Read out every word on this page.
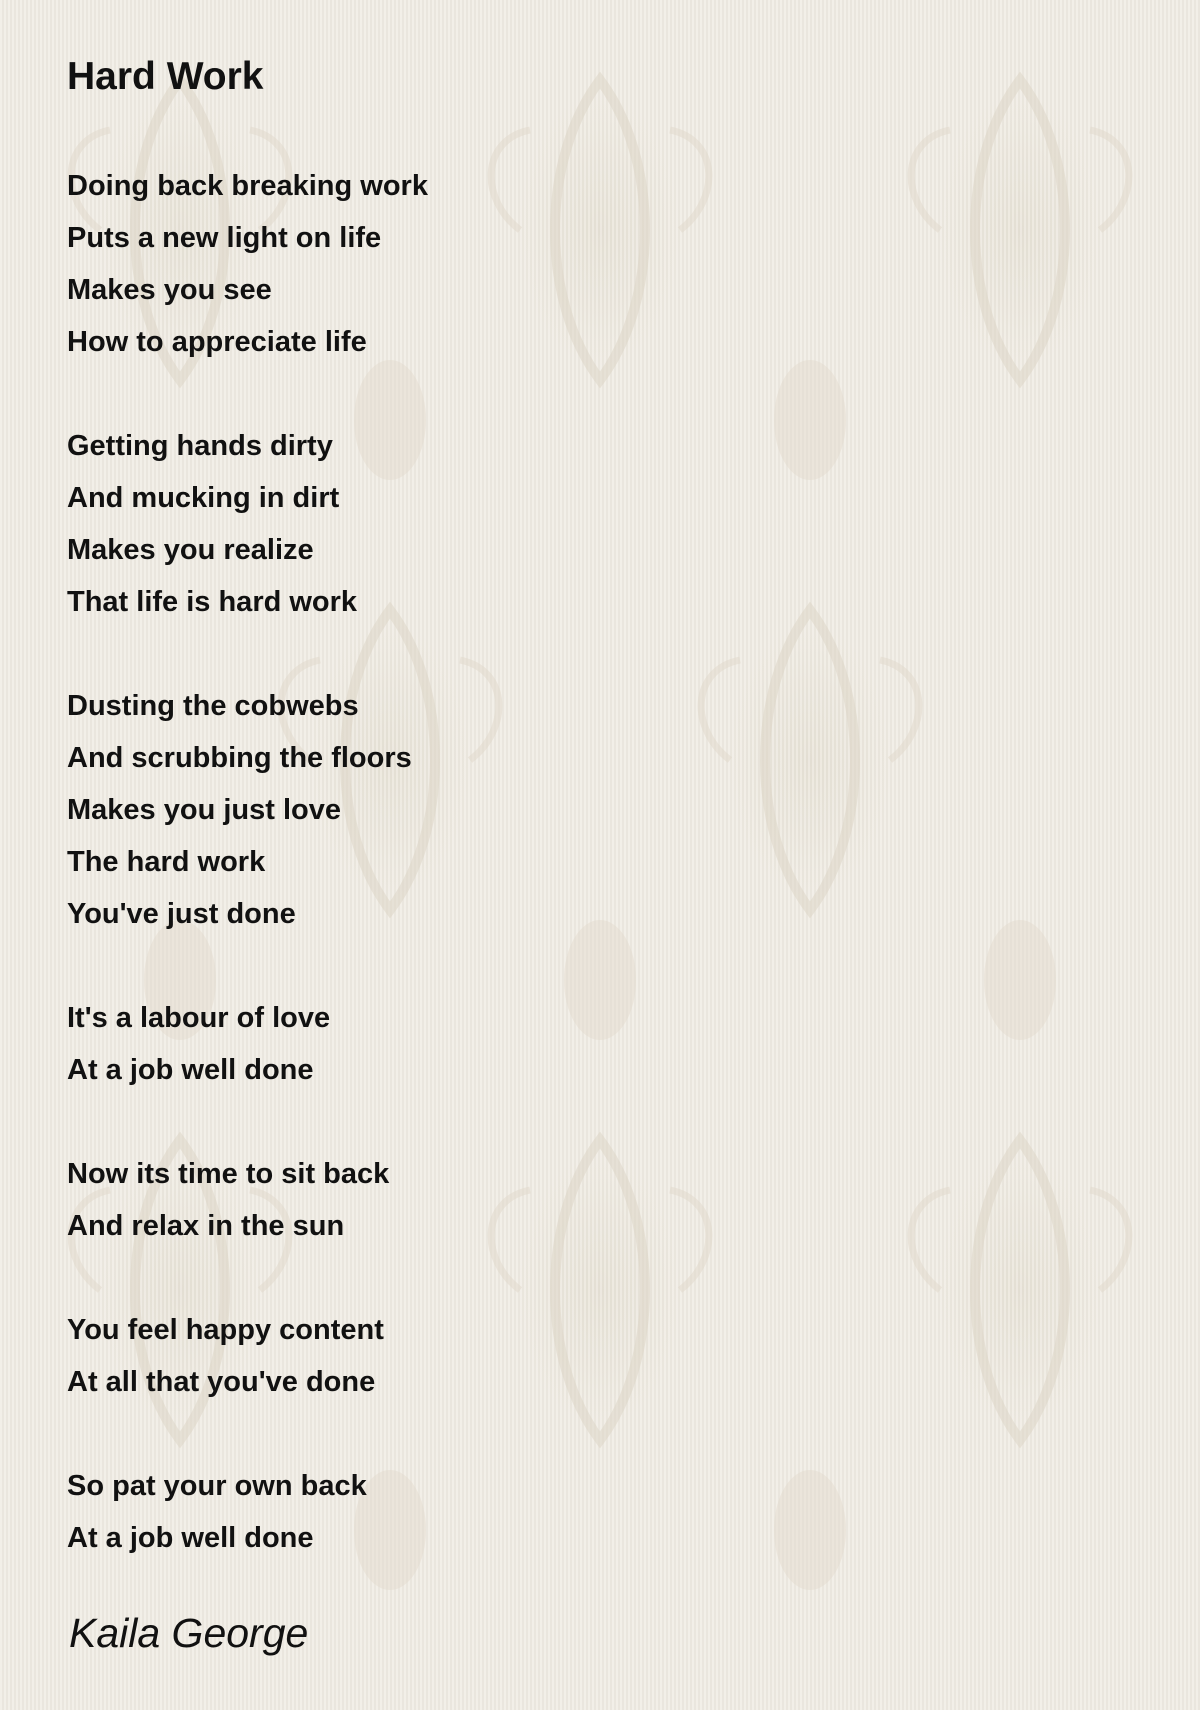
Hard Work
Doing back breaking work
Puts a new light on life
Makes you see
How to appreciate life
Getting hands dirty
And mucking in dirt
Makes you realize
That life is hard work
Dusting the cobwebs
And scrubbing the floors
Makes you just love
The hard work
You've just done
It's a labour of love
At a job well done
Now its time to sit back
And relax in the sun
You feel happy content
At all that you've done
So pat your own back
At a job well done
Kaila George
